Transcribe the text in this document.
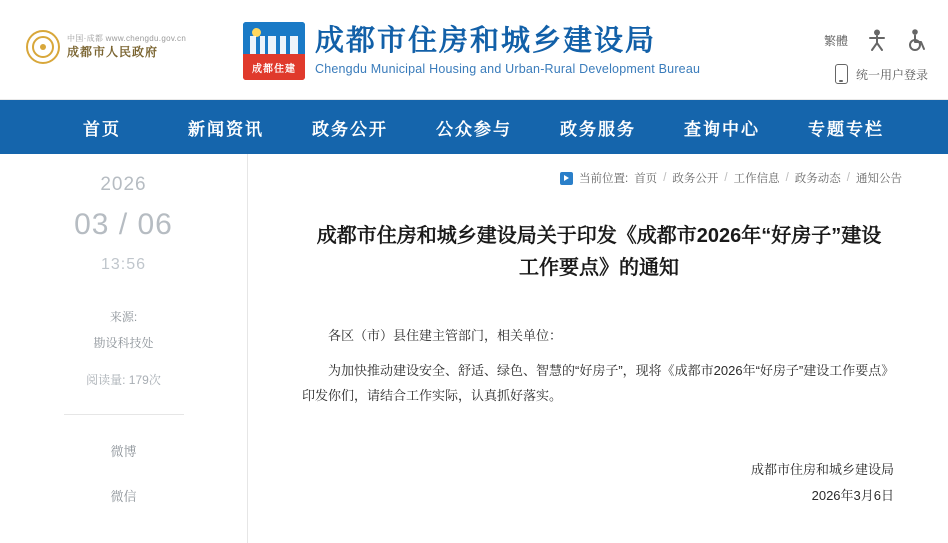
中国·成都 www.chengdu.gov.cn
成都市人民政府
成都住建
成都市住房和城乡建设局
Chengdu Municipal Housing and Urban-Rural Development Bureau
繁體
统一用户登录
首页	新闻资讯	政务公开	公众参与	政务服务	查询中心	专题专栏
2026
03 / 06
13:56
来源:
勘设科技处
阅读量: 179次
微博
微信
当前位置: 首页 / 政务公开 / 工作信息 / 政务动态 / 通知公告
成都市住房和城乡建设局关于印发《成都市2026年“好房子”建设工作要点》的通知

各区（市）县住建主管部门，相关单位：

为加快推动建设安全、舒适、绿色、智慧的“好房子”，现将《成都市2026年“好房子”建设工作要点》印发你们，请结合工作实际，认真抓好落实。

成都市住房和城乡建设局
2026年3月6日
